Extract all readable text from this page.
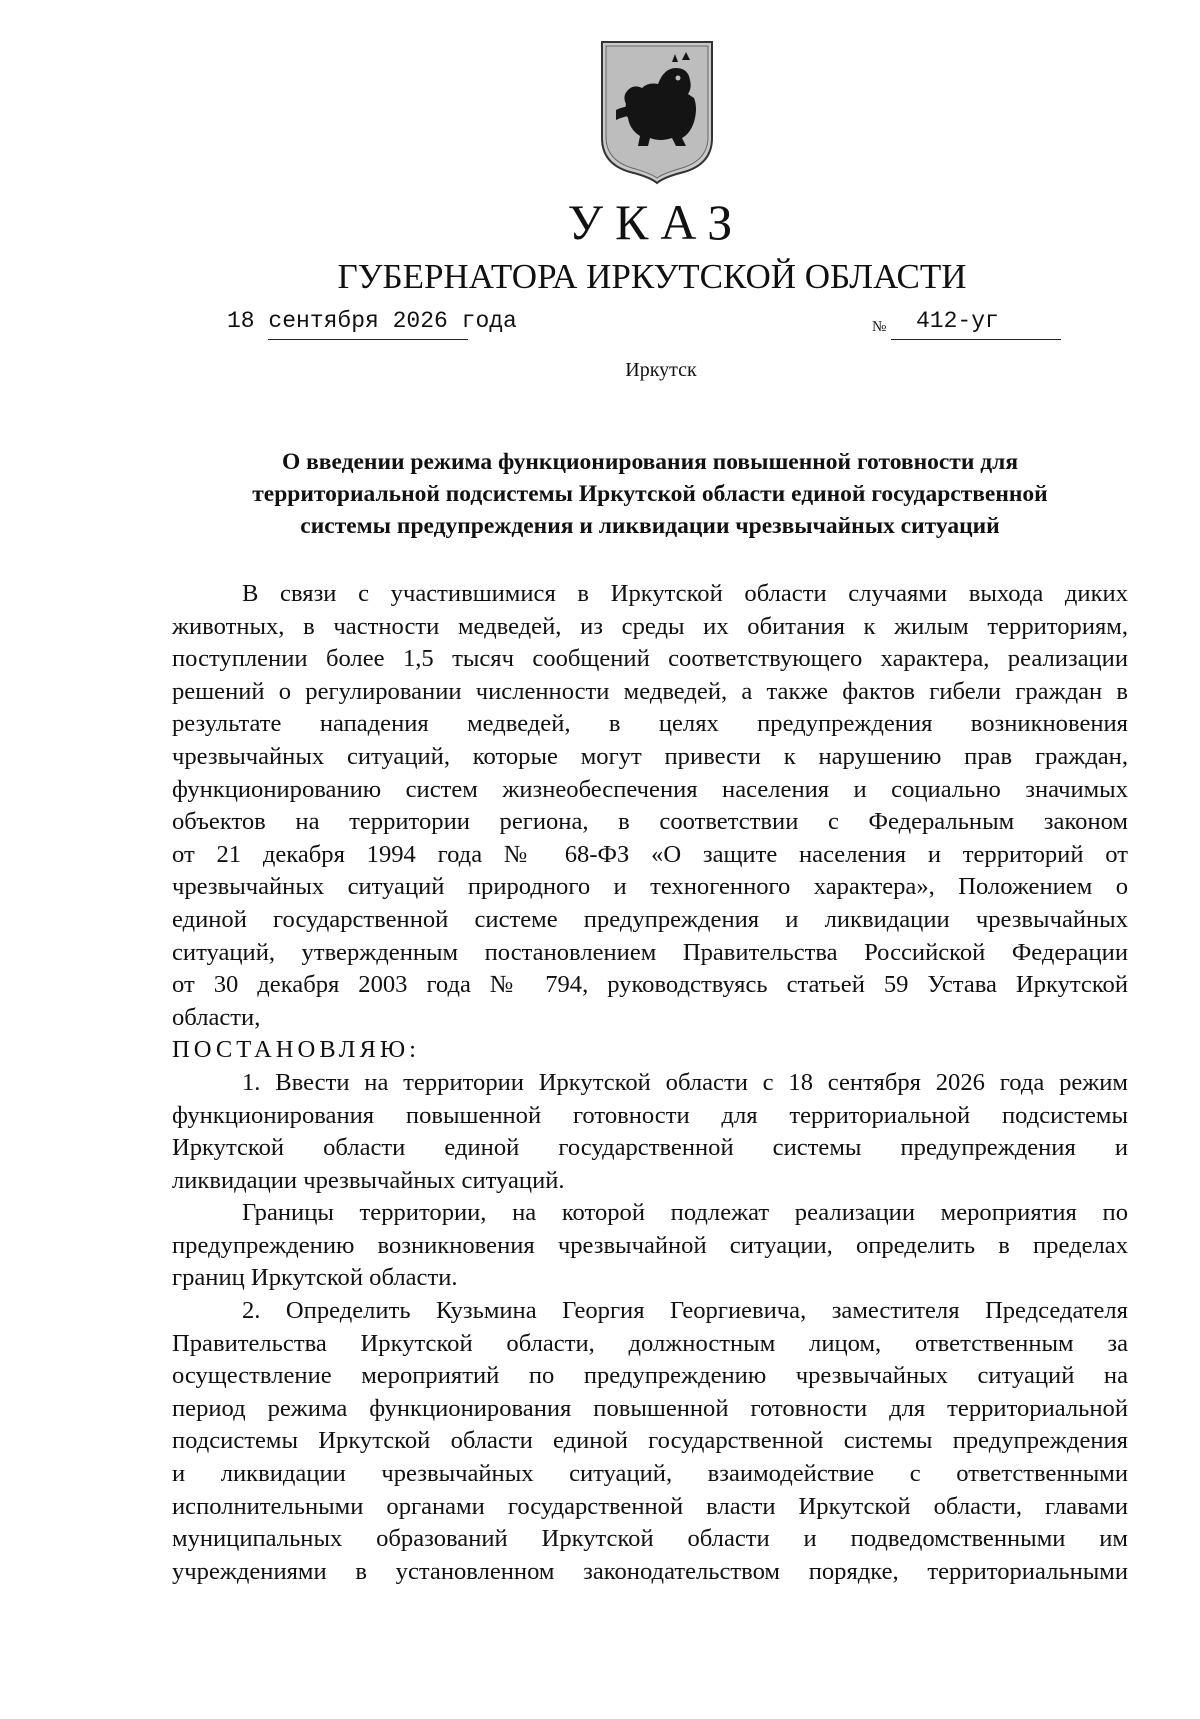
УКАЗ
ГУБЕРНАТОРА ИРКУТСКОЙ ОБЛАСТИ
18 сентября 2026 года	№ 412-уг
Иркутск
О введении режима функционирования повышенной готовности для
территориальной подсистемы Иркутской области единой государственной
системы предупреждения и ликвидации чрезвычайных ситуаций
В связи с участившимися в Иркутской области случаями выхода диких
животных, в частности медведей, из среды их обитания к жилым территориям,
поступлении более 1,5 тысяч сообщений соответствующего характера, реализации
решений о регулировании численности медведей, а также фактов гибели граждан в
результате нападения медведей, в целях предупреждения возникновения
чрезвычайных ситуаций, которые могут привести к нарушению прав граждан,
функционированию систем жизнеобеспечения населения и социально значимых
объектов на территории региона, в соответствии с Федеральным законом
от 21 декабря 1994 года № 68-ФЗ «О защите населения и территорий от
чрезвычайных ситуаций природного и техногенного характера», Положением о
единой государственной системе предупреждения и ликвидации чрезвычайных
ситуаций, утвержденным постановлением Правительства Российской Федерации
от 30 декабря 2003 года № 794, руководствуясь статьей 59 Устава Иркутской
области,
ПОСТАНОВЛЯЮ:
1. Ввести на территории Иркутской области с 18 сентября 2026 года режим
функционирования повышенной готовности для территориальной подсистемы
Иркутской области единой государственной системы предупреждения и
ликвидации чрезвычайных ситуаций.
Границы территории, на которой подлежат реализации мероприятия по
предупреждению возникновения чрезвычайной ситуации, определить в пределах
границ Иркутской области.
2. Определить Кузьмина Георгия Георгиевича, заместителя Председателя
Правительства Иркутской области, должностным лицом, ответственным за
осуществление мероприятий по предупреждению чрезвычайных ситуаций на
период режима функционирования повышенной готовности для территориальной
подсистемы Иркутской области единой государственной системы предупреждения
и ликвидации чрезвычайных ситуаций, взаимодействие с ответственными
исполнительными органами государственной власти Иркутской области, главами
муниципальных образований Иркутской области и подведомственными им
учреждениями в установленном законодательством порядке, территориальными
